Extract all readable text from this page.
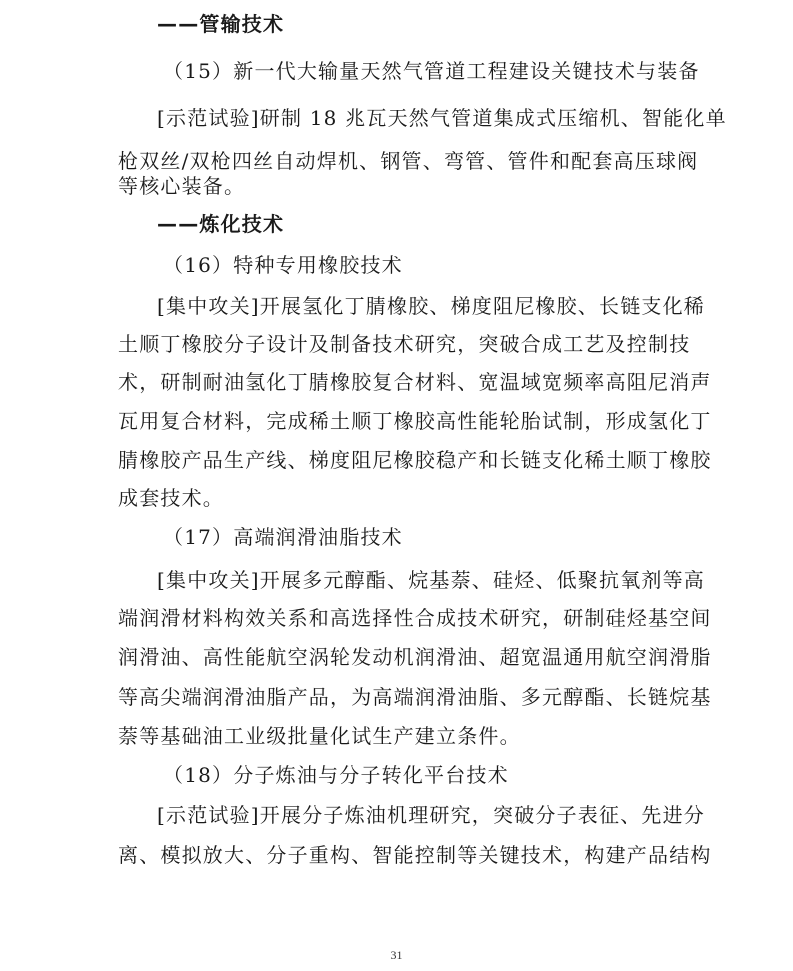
——管输技术
（15）新一代大输量天然气管道工程建设关键技术与装备
[示范试验]研制 18 兆瓦天然气管道集成式压缩机、智能化单
枪双丝/双枪四丝自动焊机、钢管、弯管、管件和配套高压球阀
等核心装备。
——炼化技术
（16）特种专用橡胶技术
[集中攻关]开展氢化丁腈橡胶、梯度阻尼橡胶、长链支化稀
土顺丁橡胶分子设计及制备技术研究，突破合成工艺及控制技
术，研制耐油氢化丁腈橡胶复合材料、宽温域宽频率高阻尼消声
瓦用复合材料，完成稀土顺丁橡胶高性能轮胎试制，形成氢化丁
腈橡胶产品生产线、梯度阻尼橡胶稳产和长链支化稀土顺丁橡胶
成套技术。
（17）高端润滑油脂技术
[集中攻关]开展多元醇酯、烷基萘、硅烃、低聚抗氧剂等高
端润滑材料构效关系和高选择性合成技术研究，研制硅烃基空间
润滑油、高性能航空涡轮发动机润滑油、超宽温通用航空润滑脂
等高尖端润滑油脂产品，为高端润滑油脂、多元醇酯、长链烷基
萘等基础油工业级批量化试生产建立条件。
（18）分子炼油与分子转化平台技术
[示范试验]开展分子炼油机理研究，突破分子表征、先进分
离、模拟放大、分子重构、智能控制等关键技术，构建产品结构
31
